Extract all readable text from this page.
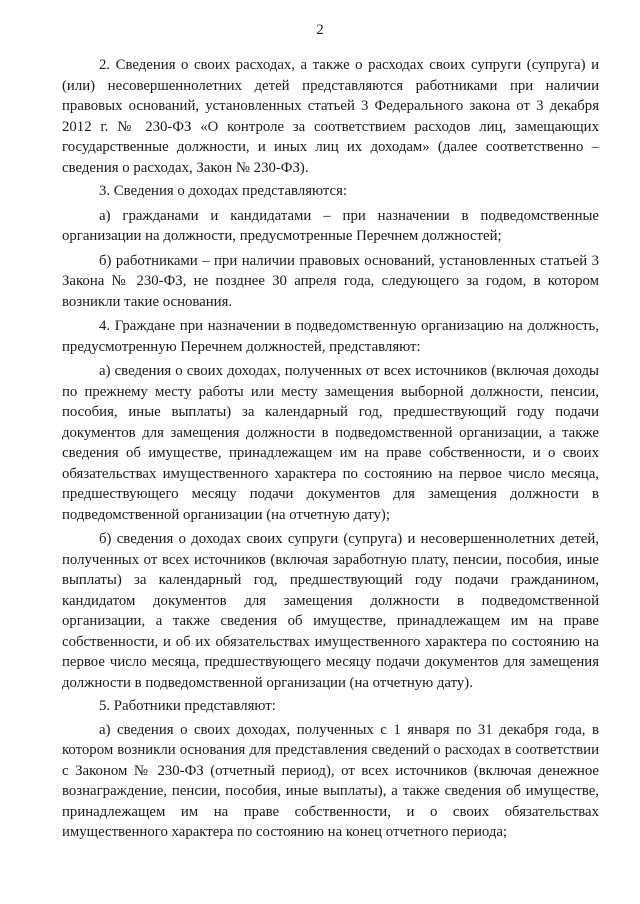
2

2. Сведения о своих расходах, а также о расходах своих супруги (супруга) и (или) несовершеннолетних детей представляются работниками при наличии правовых оснований, установленных статьей 3 Федерального закона от 3 декабря 2012 г. № 230-ФЗ «О контроле за соответствием расходов лиц, замещающих государственные должности, и иных лиц их доходам» (далее соответственно – сведения о расходах, Закон № 230-ФЗ).

3. Сведения о доходах представляются:

а) гражданами и кандидатами – при назначении в подведомственные организации на должности, предусмотренные Перечнем должностей;

б) работниками – при наличии правовых оснований, установленных статьей 3 Закона № 230-ФЗ, не позднее 30 апреля года, следующего за годом, в котором возникли такие основания.

4. Граждане при назначении в подведомственную организацию на должность, предусмотренную Перечнем должностей, представляют:

а) сведения о своих доходах, полученных от всех источников (включая доходы по прежнему месту работы или месту замещения выборной должности, пенсии, пособия, иные выплаты) за календарный год, предшествующий году подачи документов для замещения должности в подведомственной организации, а также сведения об имуществе, принадлежащем им на праве собственности, и о своих обязательствах имущественного характера по состоянию на первое число месяца, предшествующего месяцу подачи документов для замещения должности в подведомственной организации (на отчетную дату);

б) сведения о доходах своих супруги (супруга) и несовершеннолетних детей, полученных от всех источников (включая заработную плату, пенсии, пособия, иные выплаты) за календарный год, предшествующий году подачи гражданином, кандидатом документов для замещения должности в подведомственной организации, а также сведения об имуществе, принадлежащем им на праве собственности, и об их обязательствах имущественного характера по состоянию на первое число месяца, предшествующего месяцу подачи документов для замещения должности в подведомственной организации (на отчетную дату).

5. Работники представляют:

а) сведения о своих доходах, полученных с 1 января по 31 декабря года, в котором возникли основания для представления сведений о расходах в соответствии с Законом № 230-ФЗ (отчетный период), от всех источников (включая денежное вознаграждение, пенсии, пособия, иные выплаты), а также сведения об имуществе, принадлежащем им на праве собственности, и о своих обязательствах имущественного характера по состоянию на конец отчетного периода;
